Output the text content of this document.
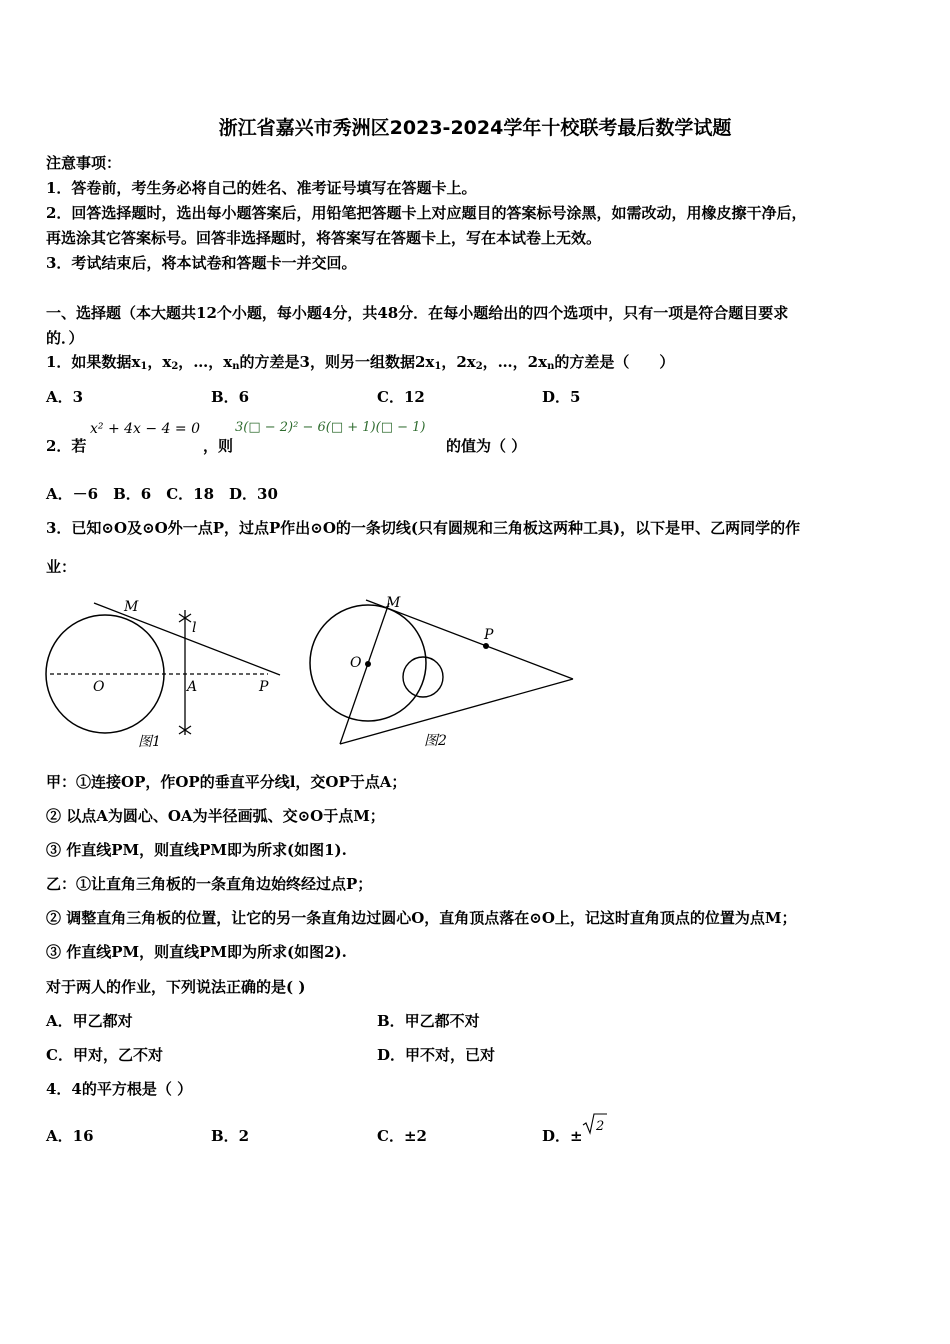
浙江省嘉兴市秀洲区2023-2024学年十校联考最后数学试题
注意事项：
1．答卷前，考生务必将自己的姓名、准考证号填写在答题卡上。
2．回答选择题时，选出每小题答案后，用铅笔把答题卡上对应题目的答案标号涂黑，如需改动，用橡皮擦干净后，
再选涂其它答案标号。回答非选择题时，将答案写在答题卡上，写在本试卷上无效。
3．考试结束后，将本试卷和答题卡一并交回。
一、选择题（本大题共12个小题，每小题4分，共48分．在每小题给出的四个选项中，只有一项是符合题目要求
的．）
1．如果数据$x_1$，$x_2$，…，$x_n$的方差是3，则另一组数据$2x_1$，$2x_2$，…，$2x_n$的方差是（　　）
A．3	B．6	C．12	D．5
2．若
x² + 4x − 4 = 0
，则
3(□ − 2)² − 6(□ + 1)(□ − 1)
的值为（ ）
A．－6　B．6　C．18　D．30
3．已知⊙O及⊙O外一点P，过点P作出⊙O的一条切线(只有圆规和三角板这两种工具)，以下是甲、乙两同学的作
业：
M
l
O	A	P
图1
M
P
O
图2
甲：①连接OP，作OP的垂直平分线l，交OP于点A；
② 以点A为圆心、OA为半径画弧、交⊙O于点M；
③ 作直线PM，则直线PM即为所求(如图1).
乙：①让直角三角板的一条直角边始终经过点P；
② 调整直角三角板的位置，让它的另一条直角边过圆心O，直角顶点落在⊙O上，记这时直角顶点的位置为点M；
③ 作直线PM，则直线PM即为所求(如图2).
对于两人的作业，下列说法正确的是( )
A．甲乙都对	B．甲乙都不对
C．甲对，乙不对	D．甲不对，已对
4．4的平方根是（ ）
A．16	B．2	C．±2	D．±
2
